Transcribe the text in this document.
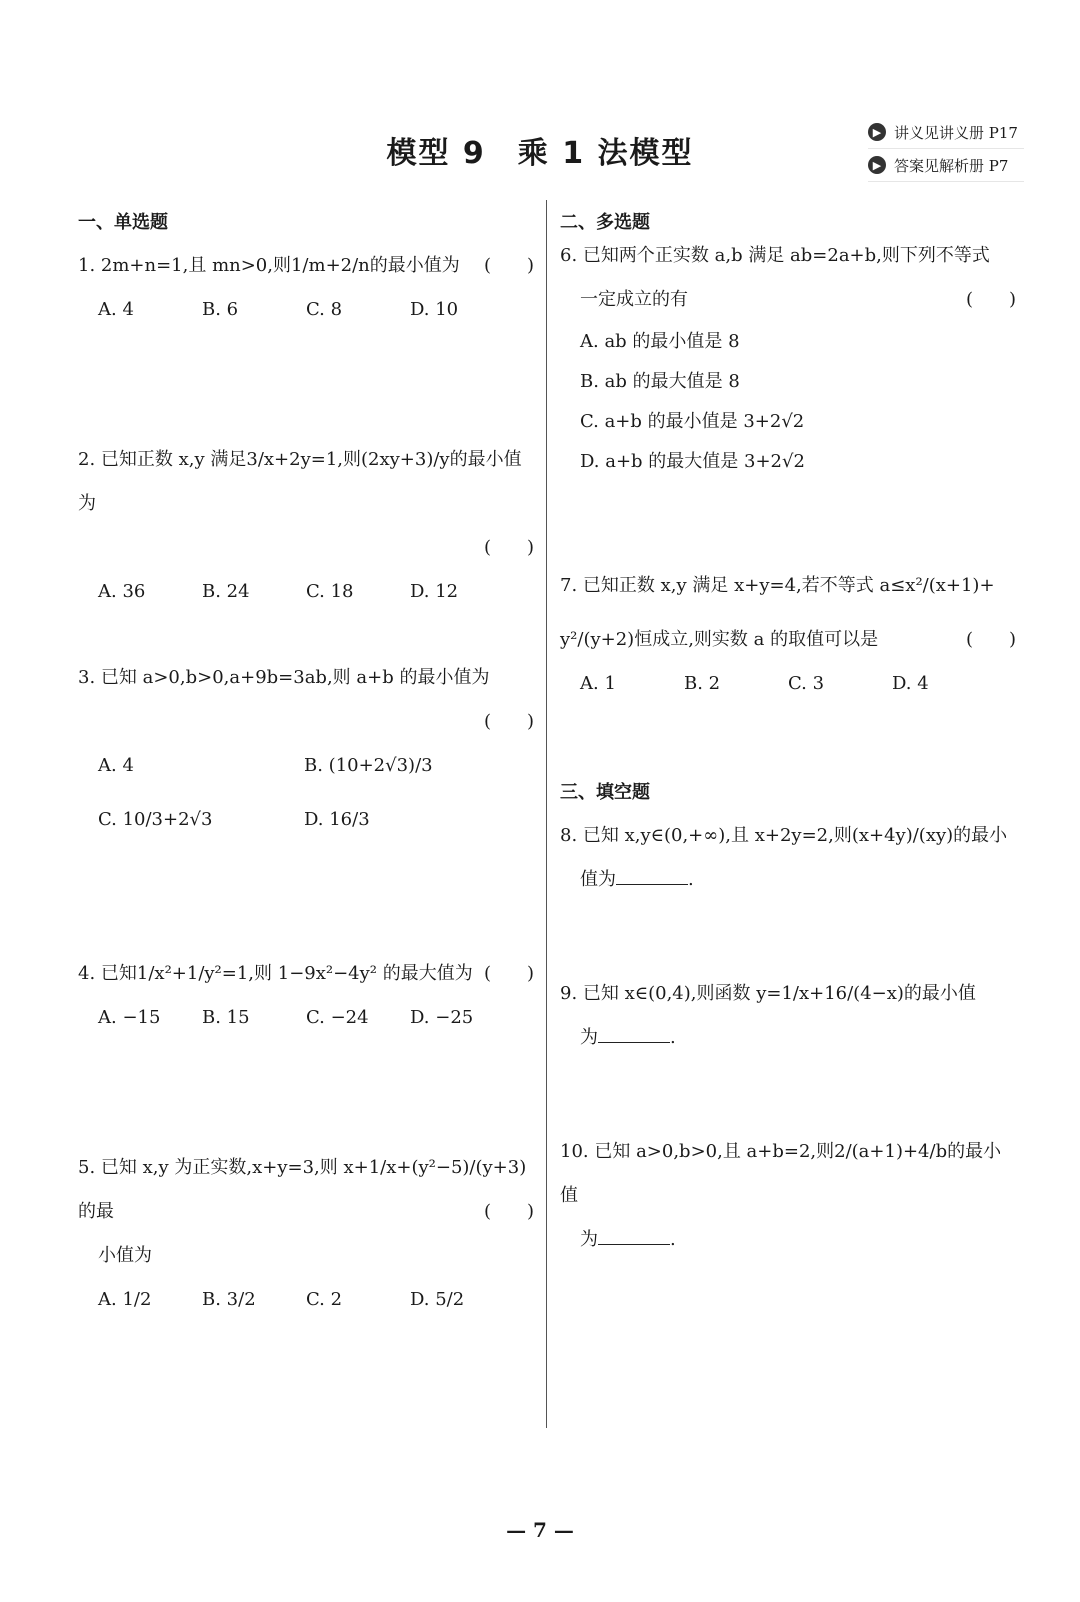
模型 9　乘 1 法模型
▶ 讲义见讲义册 P17
▶ 答案见解析册 P7
一、单选题
1. 2m+n=1,且 mn>0,则1/m+2/n的最小值为	(　　)
A. 4	B. 6	C. 8	D. 10
2. 已知正数 x,y 满足3/x+2y=1,则(2xy+3)/y的最小值为
(　　)
A. 36	B. 24	C. 18	D. 12
3. 已知 a>0,b>0,a+9b=3ab,则 a+b 的最小值为
(　　)
A. 4	B. (10+2√3)/3
C. 10/3+2√3	D. 16/3
4. 已知1/x²+1/y²=1,则 1−9x²−4y² 的最大值为 (　　)
A. −15	B. 15	C. −24	D. −25
5. 已知 x,y 为正实数,x+y=3,则 x+1/x+(y²−5)/(y+3)的最
小值为
(　　)
A. 1/2	B. 3/2	C. 2	D. 5/2
二、多选题
6. 已知两个正实数 a,b 满足 ab=2a+b,则下列不等式
一定成立的有	(　　)
A. ab 的最小值是 8
B. ab 的最大值是 8
C. a+b 的最小值是 3+2√2
D. a+b 的最大值是 3+2√2
7. 已知正数 x,y 满足 x+y=4,若不等式 a≤x²/(x+1)+
y²/(y+2)恒成立,则实数 a 的取值可以是	(　　)
A. 1	B. 2	C. 3	D. 4
三、填空题
8. 已知 x,y∈(0,+∞),且 x+2y=2,则(x+4y)/(xy)的最小
值为	.
9. 已知 x∈(0,4),则函数 y=1/x+16/(4−x)的最小值
为	.
10. 已知 a>0,b>0,且 a+b=2,则2/(a+1)+4/b的最小值
为	.
— 7 —
